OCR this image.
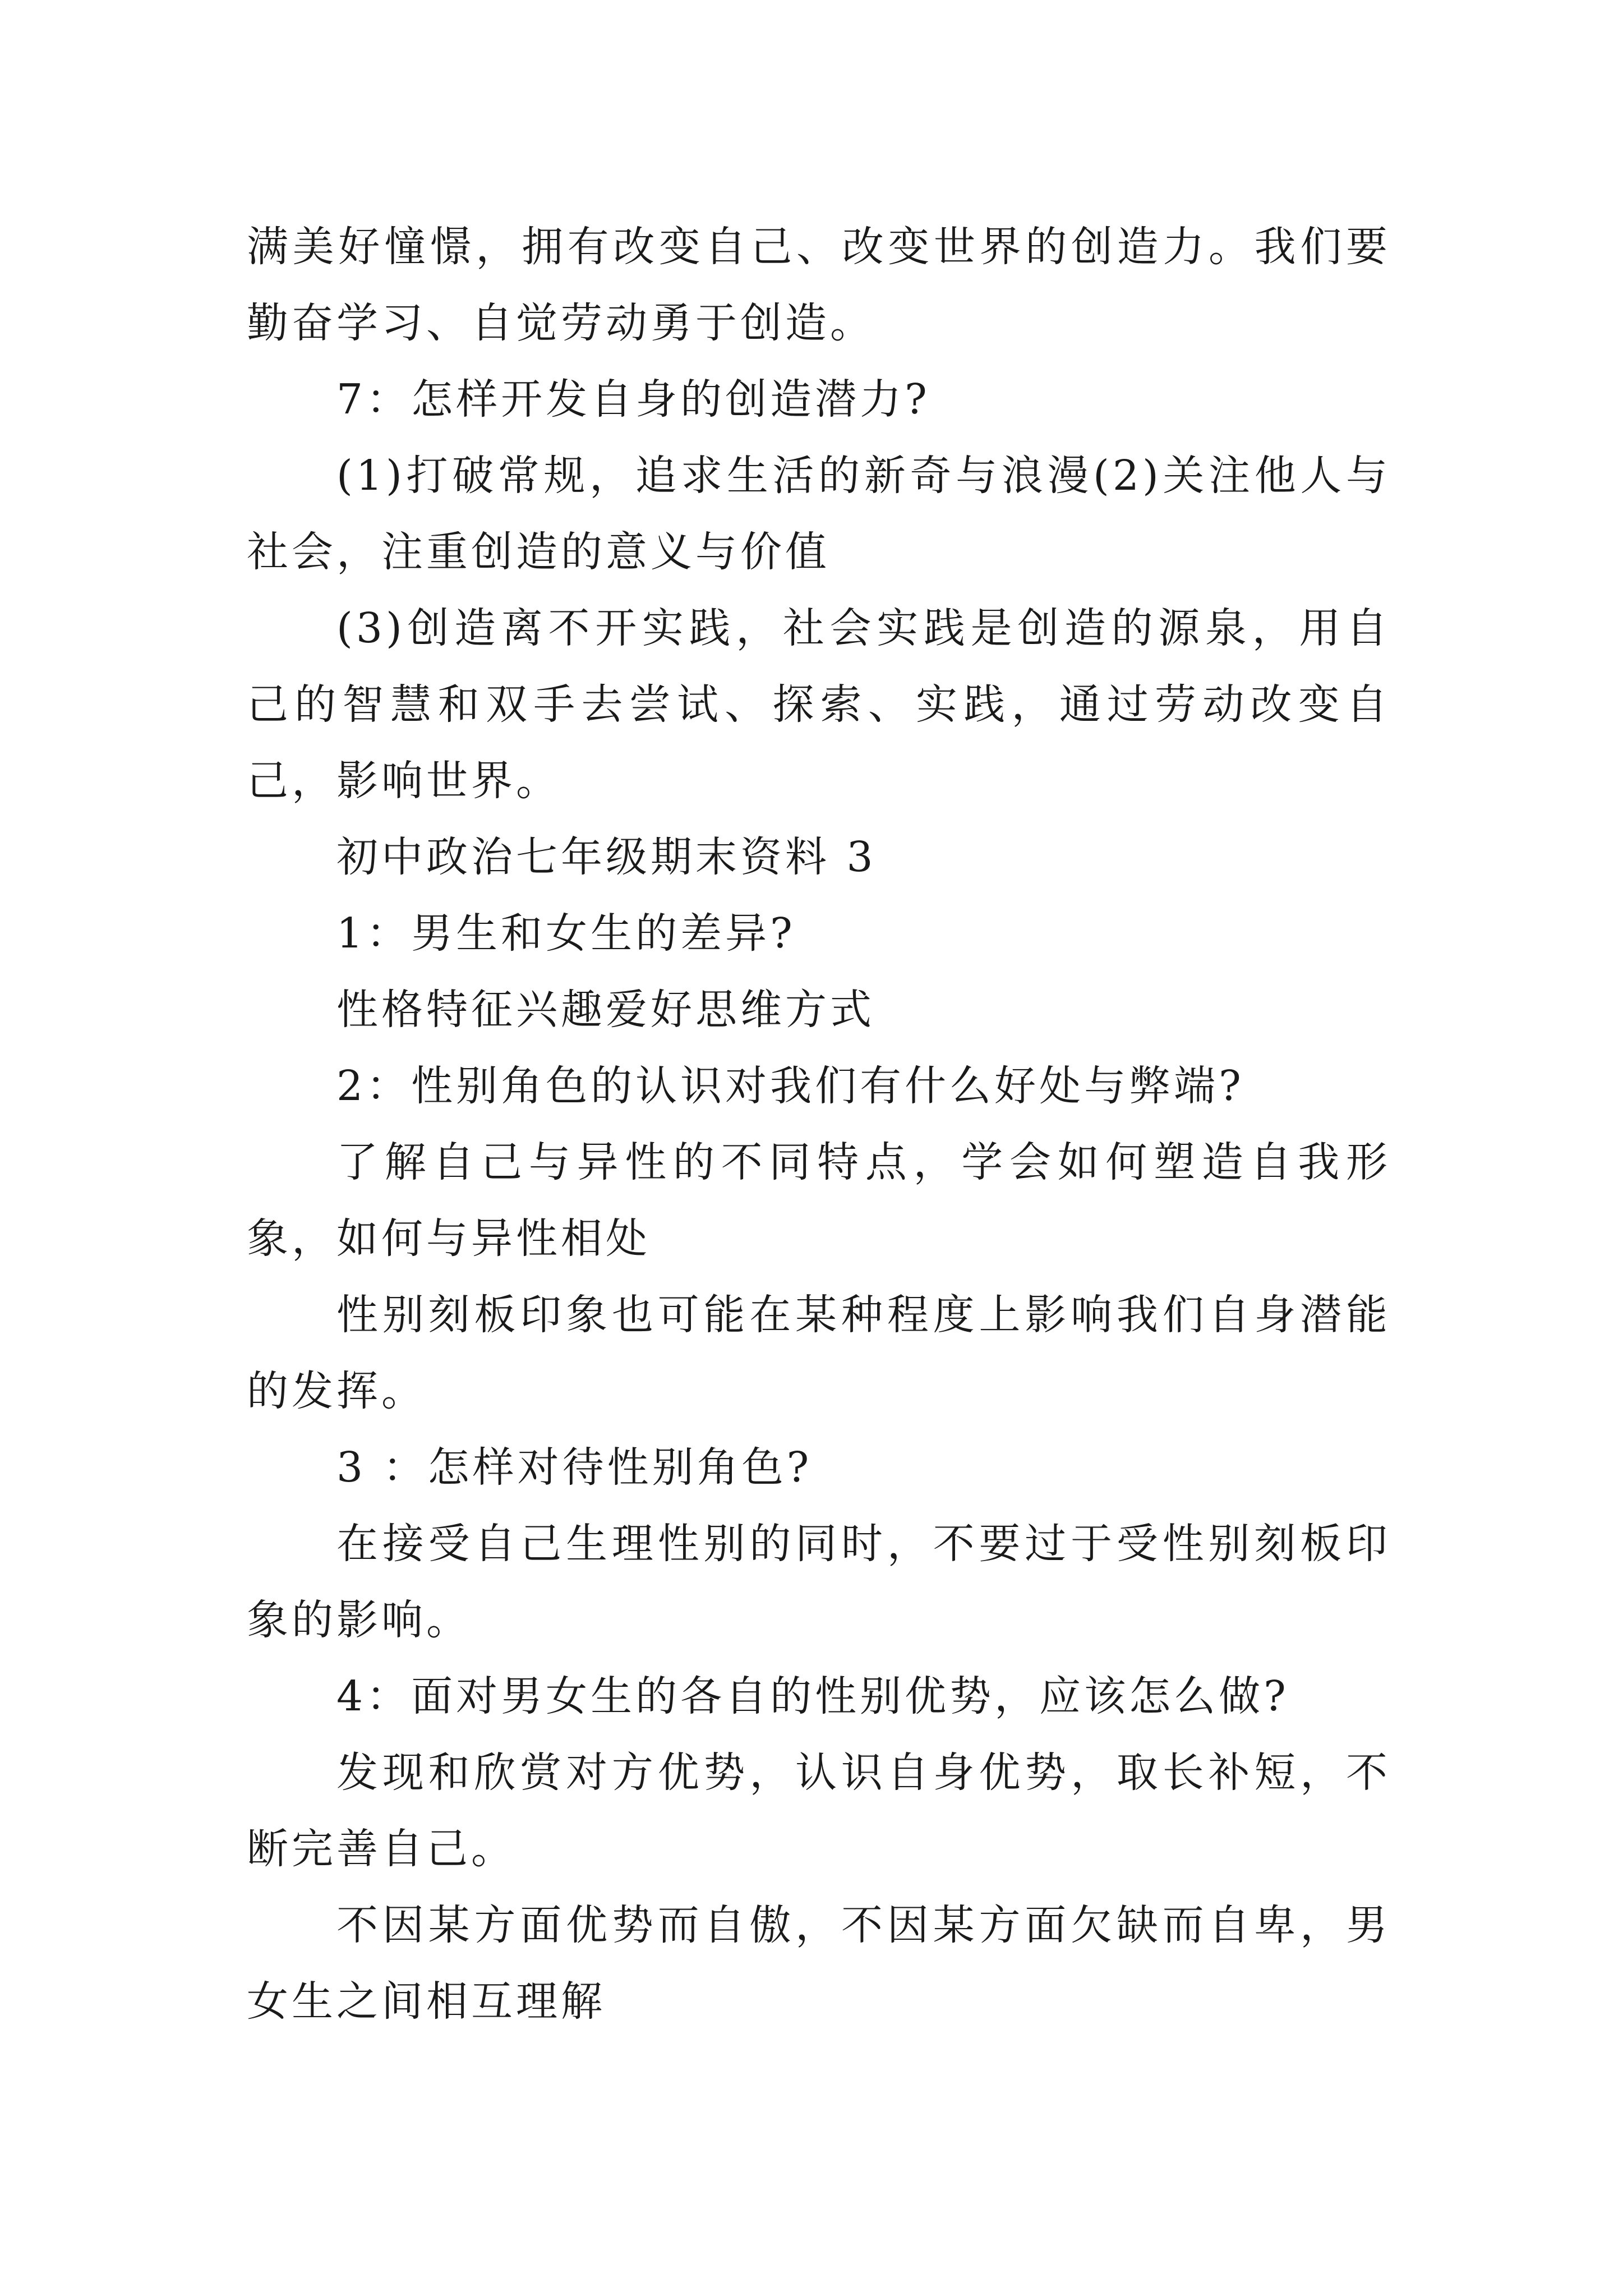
满美好憧憬，拥有改变自己、改变世界的创造力。我们要勤奋学习、自觉劳动勇于创造。

7：怎样开发自身的创造潜力?

(1)打破常规，追求生活的新奇与浪漫(2)关注他人与社会，注重创造的意义与价值

(3)创造离不开实践，社会实践是创造的源泉，用自己的智慧和双手去尝试、探索、实践，通过劳动改变自己，影响世界。

初中政治七年级期末资料 3

1：男生和女生的差异?

性格特征兴趣爱好思维方式

2：性别角色的认识对我们有什么好处与弊端?

了解自己与异性的不同特点，学会如何塑造自我形象，如何与异性相处

性别刻板印象也可能在某种程度上影响我们自身潜能的发挥。

3 ：怎样对待性别角色?

在接受自己生理性别的同时，不要过于受性别刻板印象的影响。

4：面对男女生的各自的性别优势，应该怎么做?

发现和欣赏对方优势，认识自身优势，取长补短，不断完善自己。

不因某方面优势而自傲，不因某方面欠缺而自卑，男女生之间相互理解
